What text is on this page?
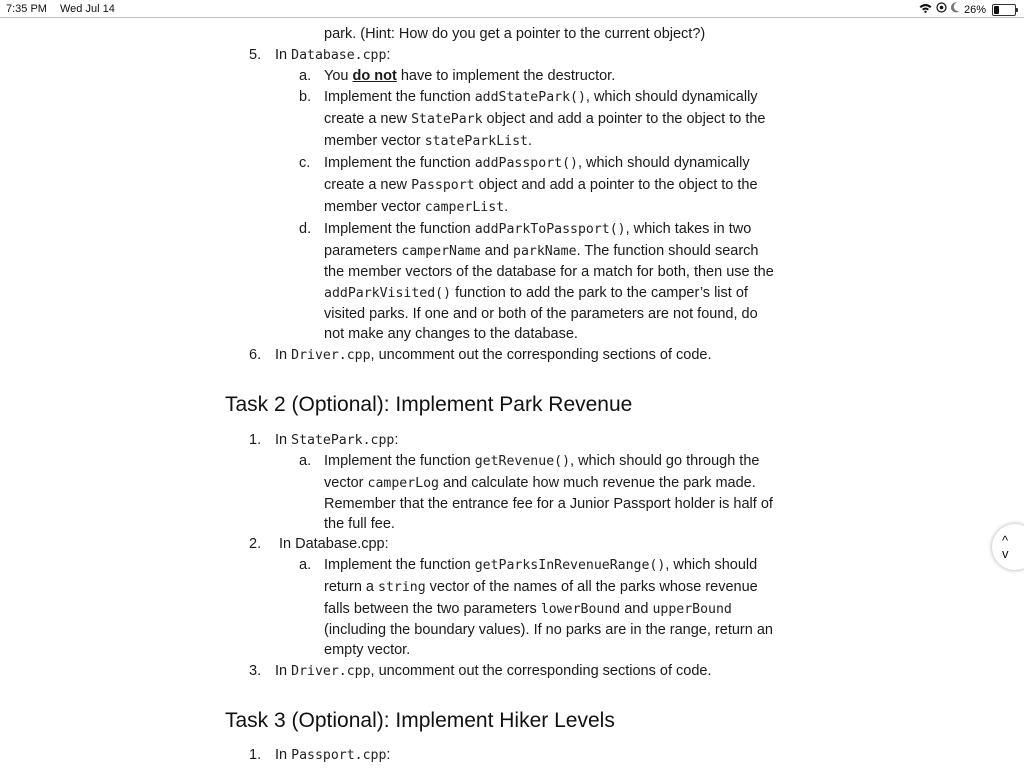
7:35 PM Wed Jul 14	26%
park. (Hint: How do you get a pointer to the current object?)
5. In Database.cpp:
a. You do not have to implement the destructor.
b. Implement the function addStatePark(), which should dynamically
create a new StatePark object and add a pointer to the object to the
member vector stateParkList.
c. Implement the function addPassport(), which should dynamically
create a new Passport object and add a pointer to the object to the
member vector camperList.
d. Implement the function addParkToPassport(), which takes in two
parameters camperName and parkName. The function should search
the member vectors of the database for a match for both, then use the
addParkVisited() function to add the park to the camper’s list of
visited parks. If one and or both of the parameters are not found, do
not make any changes to the database.
6. In Driver.cpp, uncomment out the corresponding sections of code.
Task 2 (Optional): Implement Park Revenue
1. In StatePark.cpp:
a. Implement the function getRevenue(), which should go through the
vector camperLog and calculate how much revenue the park made.
Remember that the entrance fee for a Junior Passport holder is half of
the full fee.
2. In Database.cpp:
a. Implement the function getParksInRevenueRange(), which should
return a string vector of the names of all the parks whose revenue
falls between the two parameters lowerBound and upperBound
(including the boundary values). If no parks are in the range, return an
empty vector.
3. In Driver.cpp, uncomment out the corresponding sections of code.
Task 3 (Optional): Implement Hiker Levels
1. In Passport.cpp:
^
v
